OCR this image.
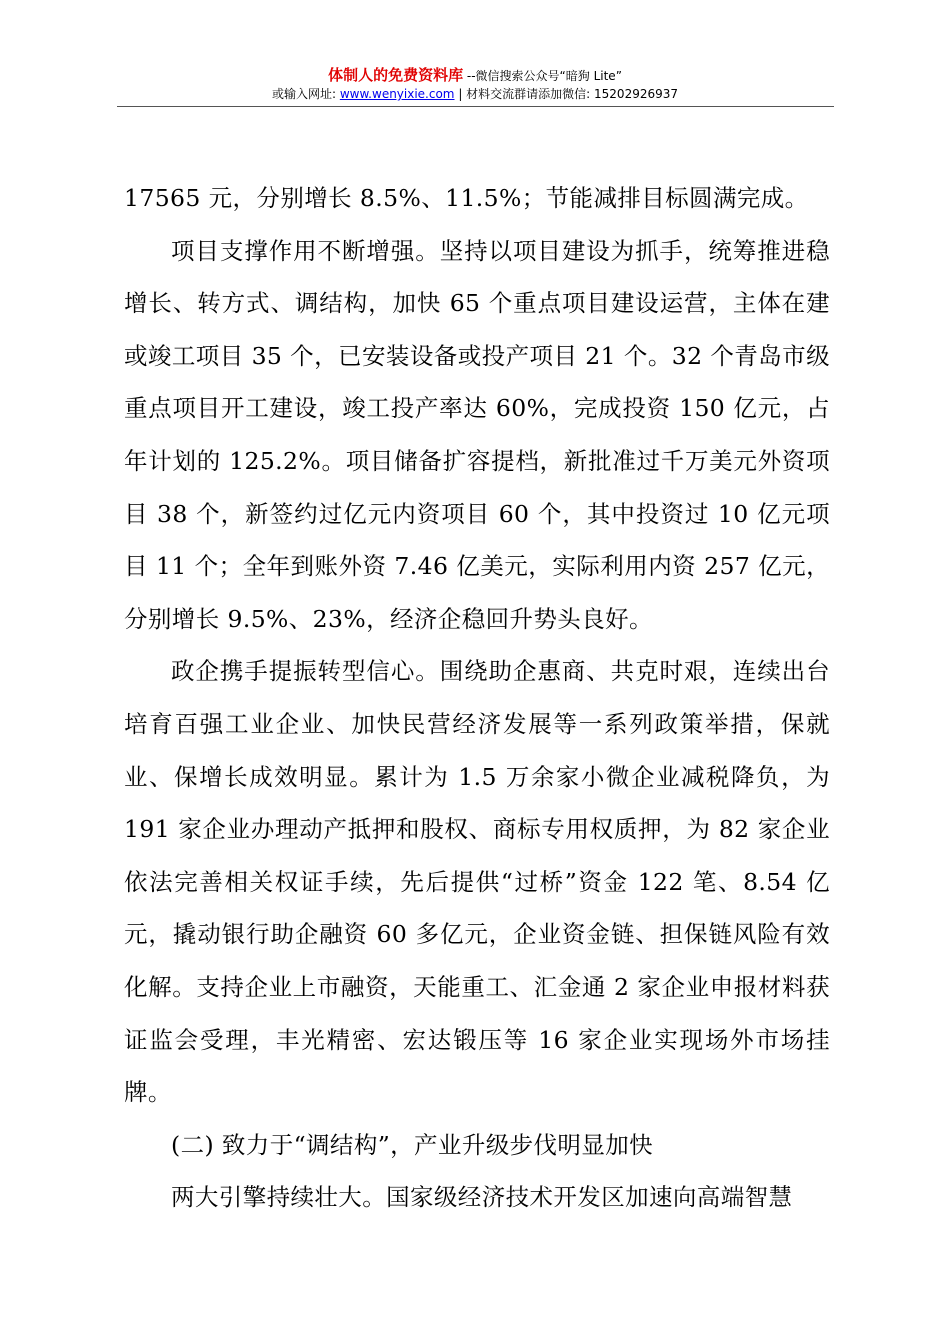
体制人的免费资料库 --微信搜索公众号“暗狗 Lite”
或输入网址: www.wenyixie.com | 材料交流群请添加微信: 15202926937

17565 元，分别增长 8.5%、11.5%；节能减排目标圆满完成。

项目支撑作用不断增强。坚持以项目建设为抓手，统筹推进稳增长、转方式、调结构，加快 65 个重点项目建设运营，主体在建或竣工项目 35 个，已安装设备或投产项目 21 个。32 个青岛市级重点项目开工建设，竣工投产率达 60%，完成投资 150 亿元，占年计划的 125.2%。项目储备扩容提档，新批准过千万美元外资项目 38 个，新签约过亿元内资项目 60 个，其中投资过 10 亿元项目 11 个；全年到账外资 7.46 亿美元，实际利用内资 257 亿元，分别增长 9.5%、23%，经济企稳回升势头良好。

政企携手提振转型信心。围绕助企惠商、共克时艰，连续出台培育百强工业企业、加快民营经济发展等一系列政策举措，保就业、保增长成效明显。累计为 1.5 万余家小微企业减税降负，为 191 家企业办理动产抵押和股权、商标专用权质押，为 82 家企业依法完善相关权证手续，先后提供“过桥”资金 122 笔、8.54 亿元，撬动银行助企融资 60 多亿元，企业资金链、担保链风险有效化解。支持企业上市融资，天能重工、汇金通 2 家企业申报材料获证监会受理，丰光精密、宏达锻压等 16 家企业实现场外市场挂牌。

(二) 致力于“调结构”，产业升级步伐明显加快

两大引擎持续壮大。国家级经济技术开发区加速向高端智慧
